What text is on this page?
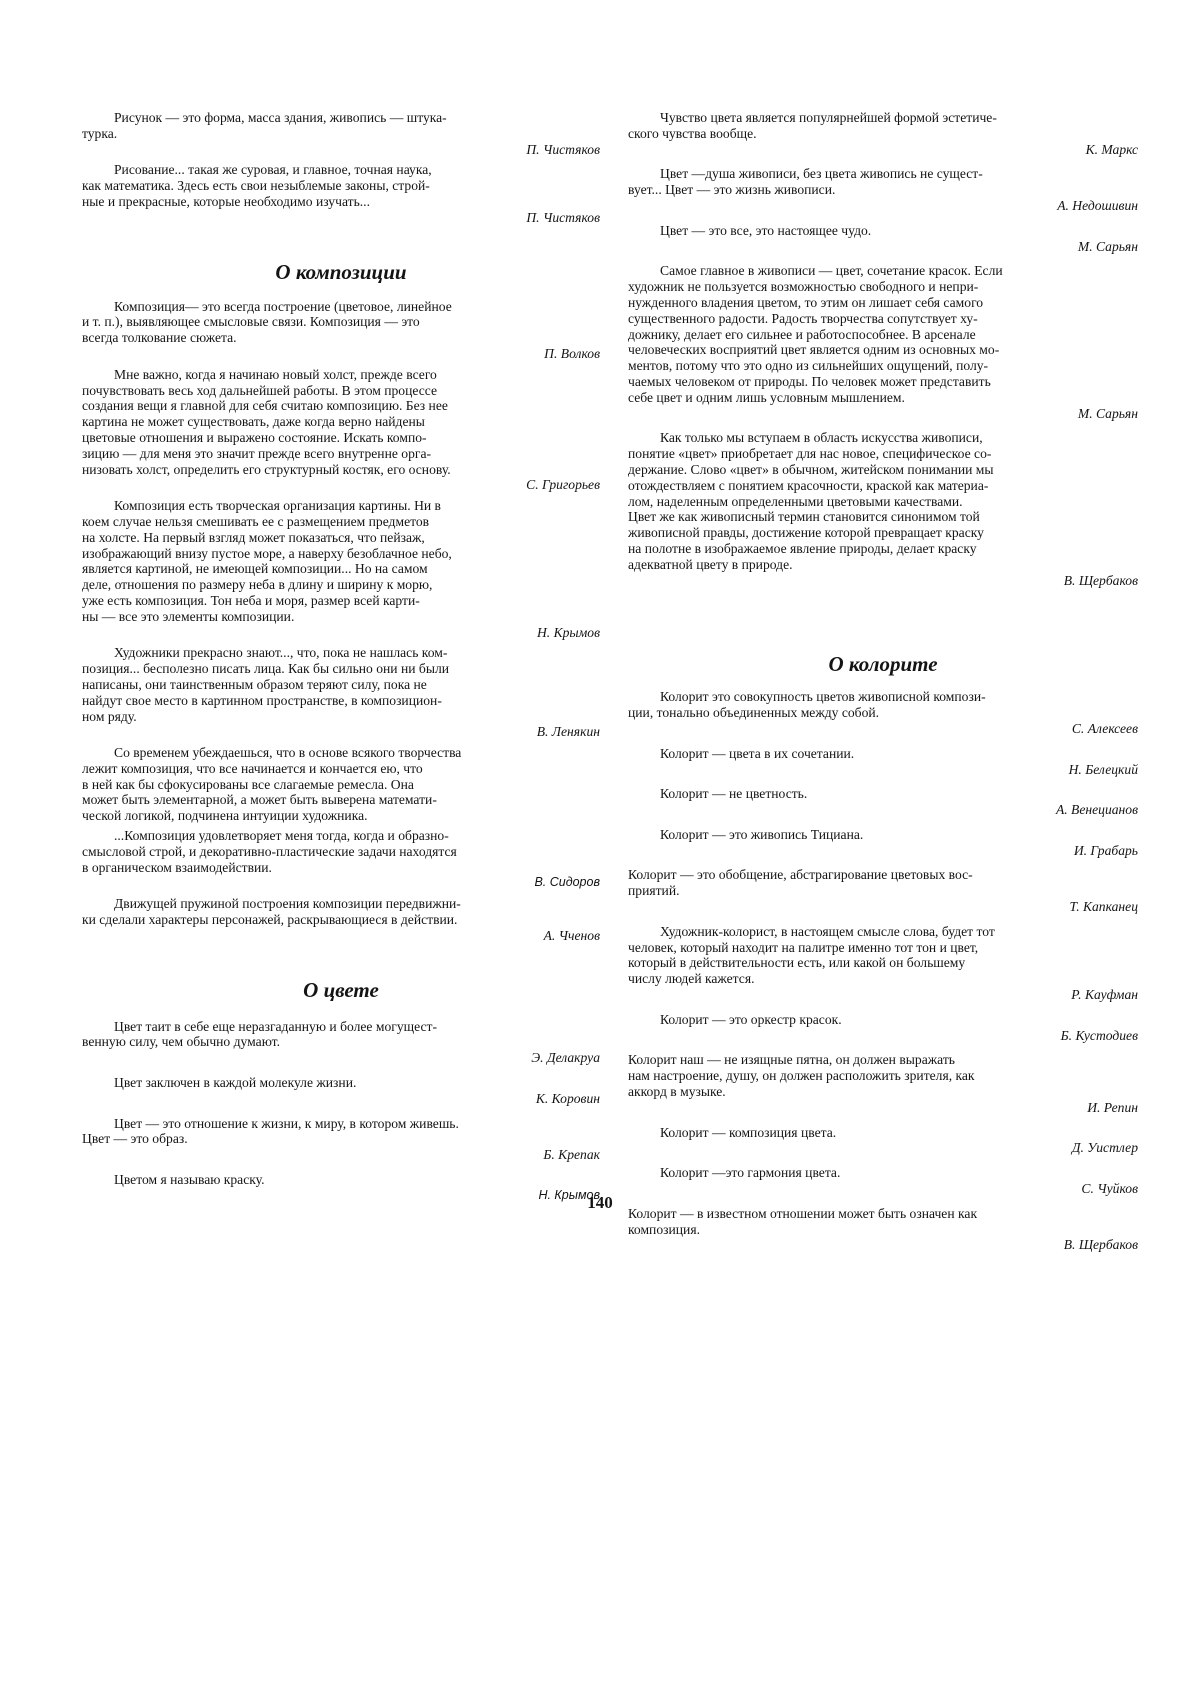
Рисунок — это форма, масса здания, живопись — штука-
турка.

П. Чистяков

Рисование... такая же суровая, и главное, точная наука,
как математика. Здесь есть свои незыблемые законы, строй-
ные и прекрасные, которые необходимо изучать...

П. Чистяков
О композиции

Композиция— это всегда построение (цветовое, линейное
и т. п.), выявляющее смысловые связи. Композиция — это
всегда толкование сюжета.

П. Волков

Мне важно, когда я начинаю новый холст, прежде всего
почувствовать весь ход дальнейшей работы. В этом процессе
создания вещи я главной для себя считаю композицию. Без нее
картина не может существовать, даже когда верно найдены
цветовые отношения и выражено состояние. Искать компо-
зицию — для меня это значит прежде всего внутренне орга-
низовать холст, определить его структурный костяк, его основу.

С. Григорьев

Композиция есть творческая организация картины. Ни в
коем случае нельзя смешивать ее с размещением предметов
на холсте. На первый взгляд может показаться, что пейзаж,
изображающий внизу пустое море, а наверху безоблачное небо,
является картиной, не имеющей композиции... Но на самом
деле, отношения по размеру неба в длину и ширину к морю,
уже есть композиция. Тон неба и моря, размер всей карти-
ны — все это элементы композиции.

Н. Крымов

Художники прекрасно знают..., что, пока не нашлась ком-
позиция... бесполезно писать лица. Как бы сильно они ни были
написаны, они таинственным образом теряют силу, пока не
найдут свое место в картинном пространстве, в композицион-
ном ряду.

В. Ленякин

Со временем убеждаешься, что в основе всякого творчества
лежит композиция, что все начинается и кончается ею, что
в ней как бы сфокусированы все слагаемые ремесла. Она
может быть элементарной, а может быть выверена математи-
ческой логикой, подчинена интуиции художника.

...Композиция удовлетворяет меня тогда, когда и образно-
смысловой строй, и декоративно-пластические задачи находятся
в органическом взаимодействии.

В. Сидоров

Движущей пружиной построения композиции передвижни-
ки сделали характеры персонажей, раскрывающиеся в действии.

А. Чченов
О цвете

Цвет таит в себе еще неразгаданную и более могущест-
венную силу, чем обычно думают.

Э. Делакруа

Цвет заключен в каждой молекуле жизни.

К. Коровин

Цвет — это отношение к жизни, к миру, в котором живешь.
Цвет — это образ.

Б. Крепак

Цветом я называю краску.

Н. Крымов

Чувство цвета является популярнейшей формой эстетиче-
ского чувства вообще.

К. Маркс

Цвет —душа живописи, без цвета живопись не сущест-
вует... Цвет — это жизнь живописи.

А. Недошивин

Цвет — это все, это настоящее чудо.

М. Сарьян

Самое главное в живописи — цвет, сочетание красок. Если
художник не пользуется возможностью свободного и непри-
нужденного владения цветом, то этим он лишает себя самого
существенного радости. Радость творчества сопутствует ху-
дожнику, делает его сильнее и работоспособнее. В арсенале
человеческих восприятий цвет является одним из основных мо-
ментов, потому что это одно из сильнейших ощущений, полу-
чаемых человеком от природы. По человек может представить
себе цвет и одним лишь условным мышлением.

М. Сарьян

Как только мы вступаем в область искусства живописи,
понятие «цвет» приобретает для нас новое, специфическое со-
держание. Слово «цвет» в обычном, житейском понимании мы
отождествляем с понятием красочности, краской как материа-
лом, наделенным определенными цветовыми качествами.
Цвет же как живописный термин становится синонимом той
живописной правды, достижение которой превращает краску
на полотне в изображаемое явление природы, делает краску
адекватной цвету в природе.

В. Щербаков
О колорите

Колорит это совокупность цветов живописной компози-
ции, тонально объединенных между собой.

С. Алексеев

Колорит — цвета в их сочетании.

Н. Белецкий

Колорит — не цветность.

А. Венецианов

Колорит — это живопись Тициана.

И. Грабарь

Колорит — это обобщение, абстрагирование цветовых вос-
приятий.

Т. Капканец

Художник-колорист, в настоящем смысле слова, будет тот
человек, который находит на палитре именно тот тон и цвет,
который в действительности есть, или какой он большему
числу людей кажется.

Р. Кауфман

Колорит — это оркестр красок.

Б. Кустодиев

Колорит наш — не изящные пятна, он должен выражать
нам настроение, душу, он должен расположить зрителя, как
аккорд в музыке.

И. Репин

Колорит — композиция цвета.

Д. Уистлер

Колорит —это гармония цвета.

С. Чуйков

Колорит — в известном отношении может быть означен как
композиция.

В. Щербаков
140
